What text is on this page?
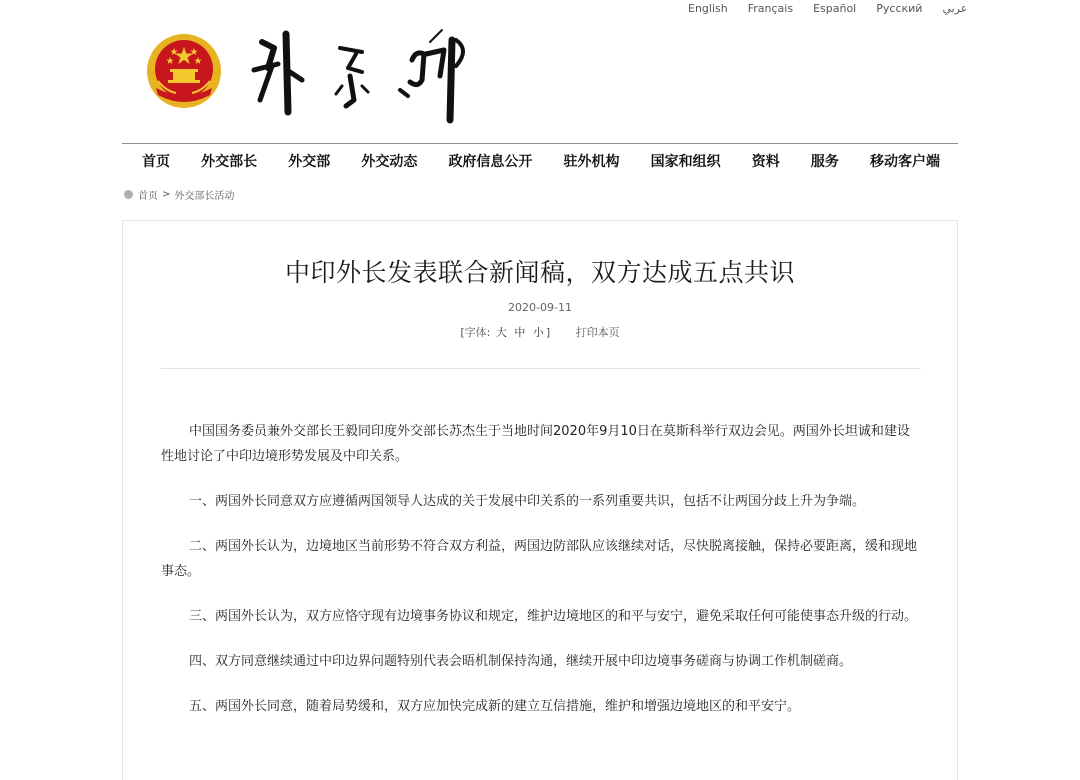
English Français Español Русский عربي
首页 外交部长 外交部 外交动态 政府信息公开 驻外机构 国家和组织 资料 服务 移动客户端
首页 > 外交部长活动
中印外长发表联合新闻稿，双方达成五点共识
2020-09-11
[字体: 大 中 小 ] 打印本页

中国国务委员兼外交部长王毅同印度外交部长苏杰生于当地时间2020年9月10日在莫斯科举行双边会见。两国外长坦诚和建设性地讨论了中印边境形势发展及中印关系。

一、两国外长同意双方应遵循两国领导人达成的关于发展中印关系的一系列重要共识，包括不让两国分歧上升为争端。

二、两国外长认为，边境地区当前形势不符合双方利益，两国边防部队应该继续对话，尽快脱离接触，保持必要距离，缓和现地事态。

三、两国外长认为，双方应恪守现有边境事务协议和规定，维护边境地区的和平与安宁，避免采取任何可能使事态升级的行动。

四、双方同意继续通过中印边界问题特别代表会晤机制保持沟通，继续开展中印边境事务磋商与协调工作机制磋商。

五、两国外长同意，随着局势缓和，双方应加快完成新的建立互信措施，维护和增强边境地区的和平安宁。
